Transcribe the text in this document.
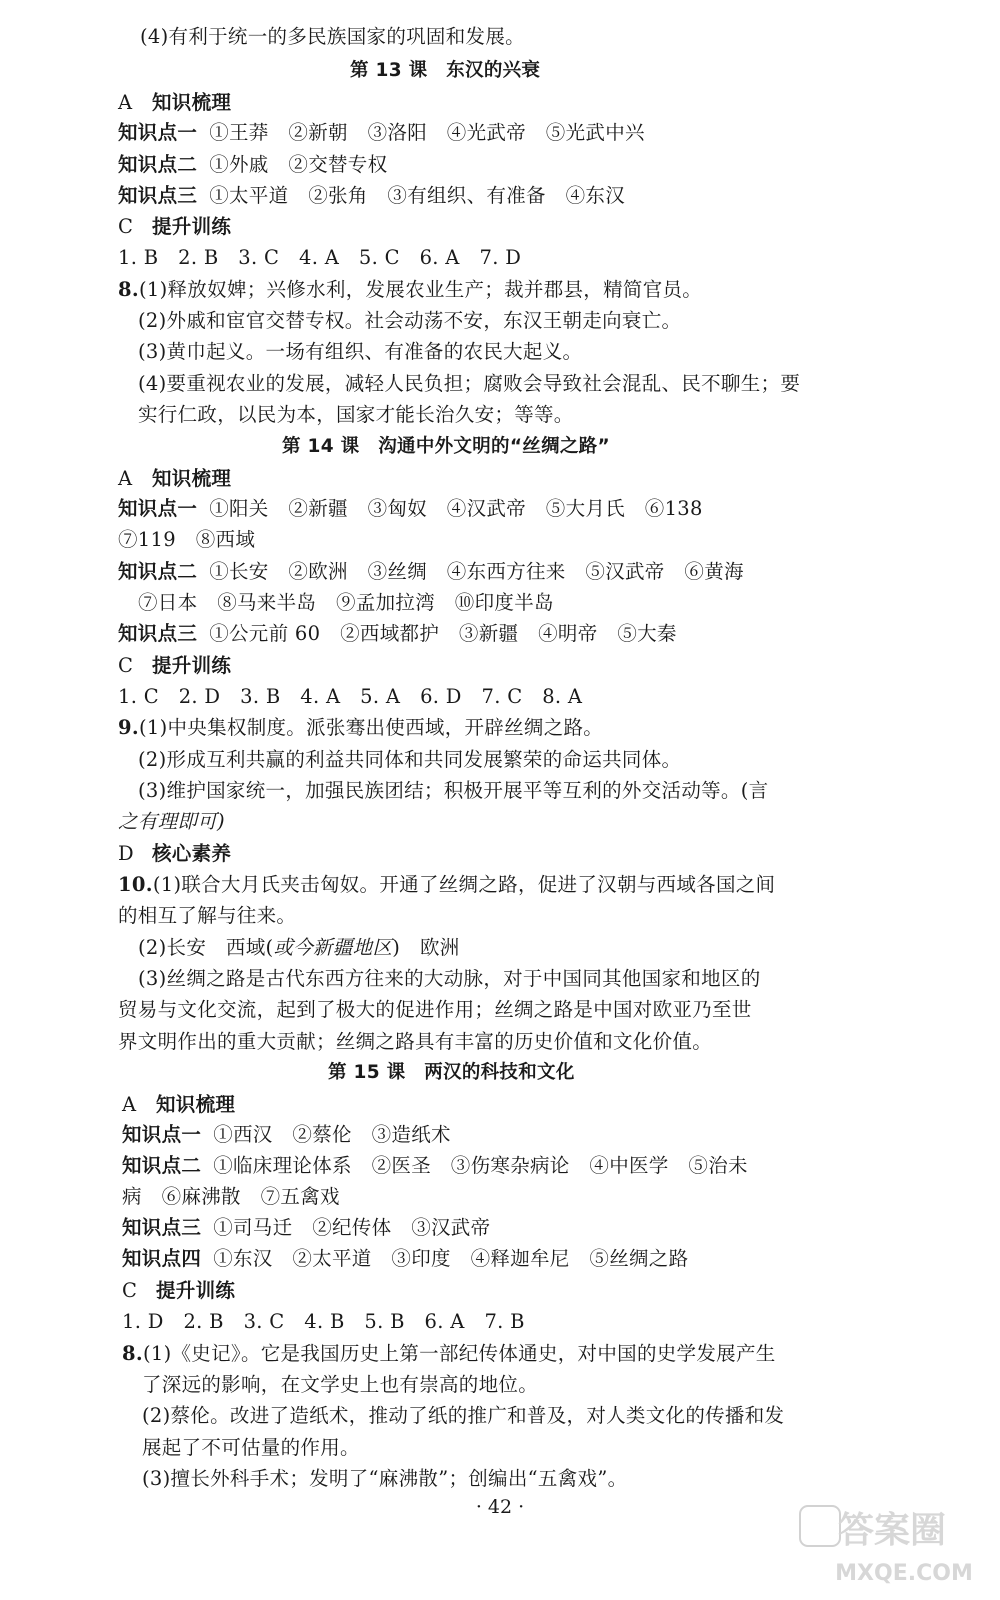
(4)有利于统一的多民族国家的巩固和发展。
第 13 课　东汉的兴衰
A 知识梳理
知识点一 ①王莽　②新朝　③洛阳　④光武帝　⑤光武中兴
知识点二 ①外戚　②交替专权
知识点三 ①太平道　②张角　③有组织、有准备　④东汉
C 提升训练
1. B　2. B　3. C　4. A　5. C　6. A　7. D
8.(1)释放奴婢；兴修水利，发展农业生产；裁并郡县，精简官员。
(2)外戚和宦官交替专权。社会动荡不安，东汉王朝走向衰亡。
(3)黄巾起义。一场有组织、有准备的农民大起义。
(4)要重视农业的发展，减轻人民负担；腐败会导致社会混乱、民不聊生；要
实行仁政，以民为本，国家才能长治久安；等等。
第 14 课　沟通中外文明的“丝绸之路”
A 知识梳理
知识点一 ①阳关　②新疆　③匈奴　④汉武帝　⑤大月氏　⑥138
⑦119　⑧西域
知识点二 ①长安　②欧洲　③丝绸　④东西方往来　⑤汉武帝　⑥黄海
⑦日本　⑧马来半岛　⑨孟加拉湾　⑩印度半岛
知识点三 ①公元前 60　②西域都护　③新疆　④明帝　⑤大秦
C 提升训练
1. C　2. D　3. B　4. A　5. A　6. D　7. C　8. A
9.(1)中央集权制度。派张骞出使西域，开辟丝绸之路。
(2)形成互利共赢的利益共同体和共同发展繁荣的命运共同体。
(3)维护国家统一，加强民族团结；积极开展平等互利的外交活动等。(言
之有理即可)
D 核心素养
10.(1)联合大月氏夹击匈奴。开通了丝绸之路，促进了汉朝与西域各国之间
的相互了解与往来。
(2)长安　西域(或今新疆地区)　欧洲
(3)丝绸之路是古代东西方往来的大动脉，对于中国同其他国家和地区的
贸易与文化交流，起到了极大的促进作用；丝绸之路是中国对欧亚乃至世
界文明作出的重大贡献；丝绸之路具有丰富的历史价值和文化价值。
第 15 课　两汉的科技和文化
A 知识梳理
知识点一 ①西汉　②蔡伦　③造纸术
知识点二 ①临床理论体系　②医圣　③伤寒杂病论　④中医学　⑤治未
病　⑥麻沸散　⑦五禽戏
知识点三 ①司马迁　②纪传体　③汉武帝
知识点四 ①东汉　②太平道　③印度　④释迦牟尼　⑤丝绸之路
C 提升训练
1. D　2. B　3. C　4. B　5. B　6. A　7. B
8.(1)《史记》。它是我国历史上第一部纪传体通史，对中国的史学发展产生
了深远的影响，在文学史上也有崇高的地位。
(2)蔡伦。改进了造纸术，推动了纸的推广和普及，对人类文化的传播和发
展起了不可估量的作用。
(3)擅长外科手术；发明了“麻沸散”；创编出“五禽戏”。
· 42 ·
答案圈
MXQE.COM
